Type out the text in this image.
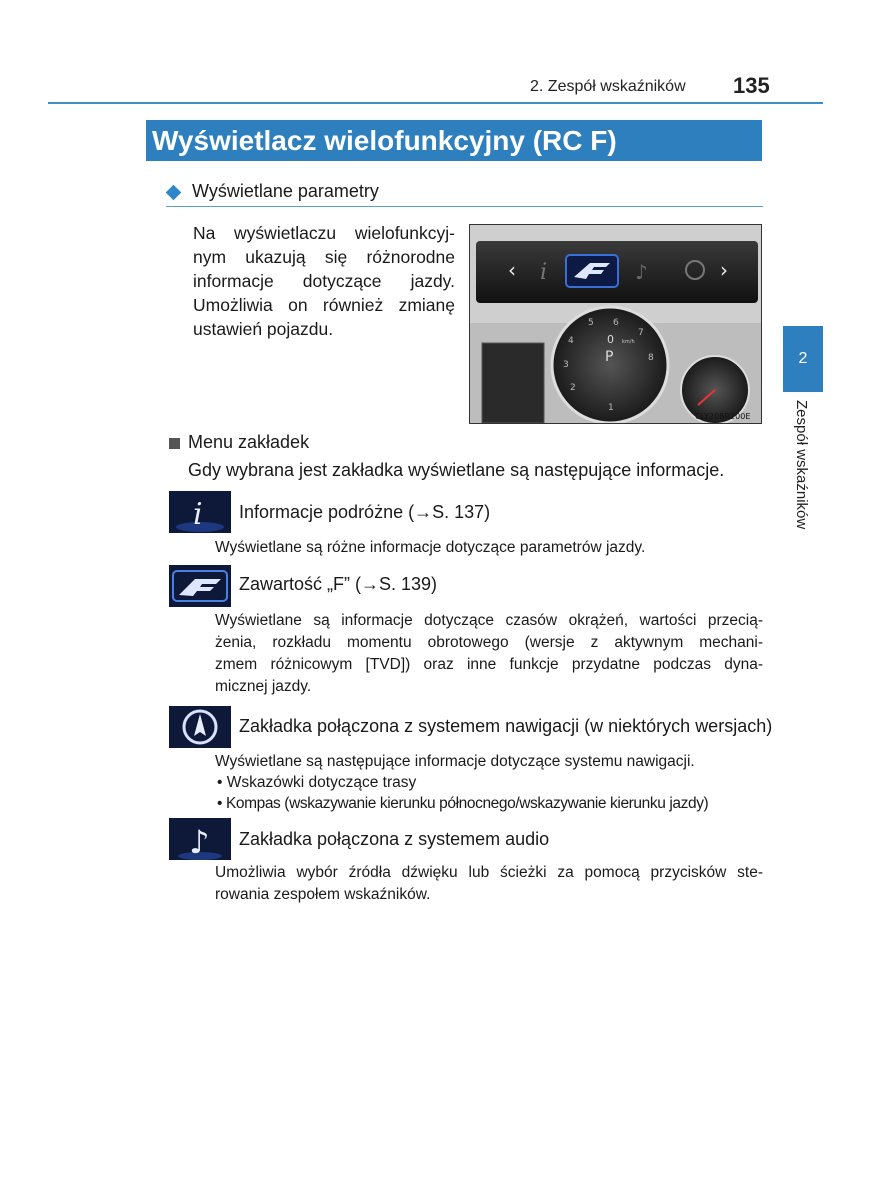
2. Zespół wskaźników 135
Wyświetlacz wielofunkcyjny (RC F)
Wyświetlane parametry
Na wyświetlaczu wielofunkcyj-
nym ukazują się różnorodne
informacje dotyczące jazdy.
Umożliwia on również zmianę
ustawień pojazdu.
‹ i	♪	›
0
P
km/h
2
3
4
5 6
7
8
1
CLY20BR200E
2
Zespół wskaźników
Menu zakładek
Gdy wybrana jest zakładka wyświetlane są następujące informacje.
i Informacje podróżne (→S. 137)
Wyświetlane są różne informacje dotyczące parametrów jazdy.
Zawartość „F” (→S. 139)
Wyświetlane są informacje dotyczące czasów okrążeń, wartości przecią-
żenia, rozkładu momentu obrotowego (wersje z aktywnym mechani-
zmem różnicowym [TVD]) oraz inne funkcje przydatne podczas dyna-
micznej jazdy.
Zakładka połączona z systemem nawigacji (w niektórych wersjach)
Wyświetlane są następujące informacje dotyczące systemu nawigacji.
• Wskazówki dotyczące trasy
• Kompas (wskazywanie kierunku północnego/wskazywanie kierunku jazdy)
♪ Zakładka połączona z systemem audio
Umożliwia wybór źródła dźwięku lub ścieżki za pomocą przycisków ste-
rowania zespołem wskaźników.
